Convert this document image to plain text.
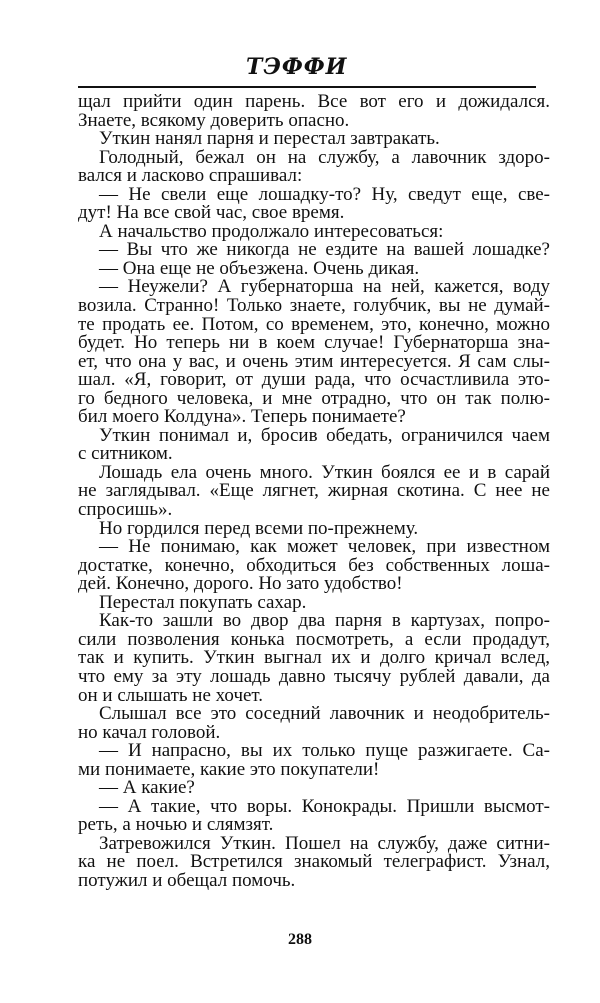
ТЭФФИ
щал прийти один парень. Все вот его и дожидался.
Знаете, всякому доверить опасно.
Уткин нанял парня и перестал завтракать.
Голодный, бежал он на службу, а лавочник здоро-
вался и ласково спрашивал:
— Не свели еще лошадку-то? Ну, сведут еще, све-
дут! На все свой час, свое время.
А начальство продолжало интересоваться:
— Вы что же никогда не ездите на вашей лошадке?
— Она еще не объезжена. Очень дикая.
— Неужели? А губернаторша на ней, кажется, воду
возила. Странно! Только знаете, голубчик, вы не думай-
те продать ее. Потом, со временем, это, конечно, можно
будет. Но теперь ни в коем случае! Губернаторша зна-
ет, что она у вас, и очень этим интересуется. Я сам слы-
шал. «Я, говорит, от души рада, что осчастливила это-
го бедного человека, и мне отрадно, что он так полю-
бил моего Колдуна». Теперь понимаете?
Уткин понимал и, бросив обедать, ограничился чаем
с ситником.
Лошадь ела очень много. Уткин боялся ее и в сарай
не заглядывал. «Еще лягнет, жирная скотина. С нее не
спросишь».
Но гордился перед всеми по-прежнему.
— Не понимаю, как может человек, при известном
достатке, конечно, обходиться без собственных лоша-
дей. Конечно, дорого. Но зато удобство!
Перестал покупать сахар.
Как-то зашли во двор два парня в картузах, попро-
сили позволения конька посмотреть, а если продадут,
так и купить. Уткин выгнал их и долго кричал вслед,
что ему за эту лошадь давно тысячу рублей давали, да
он и слышать не хочет.
Слышал все это соседний лавочник и неодобритель-
но качал головой.
— И напрасно, вы их только пуще разжигаете. Са-
ми понимаете, какие это покупатели!
— А какие?
— А такие, что воры. Конокрады. Пришли высмот-
реть, а ночью и слямзят.
Затревожился Уткин. Пошел на службу, даже ситни-
ка не поел. Встретился знакомый телеграфист. Узнал,
потужил и обещал помочь.
288
